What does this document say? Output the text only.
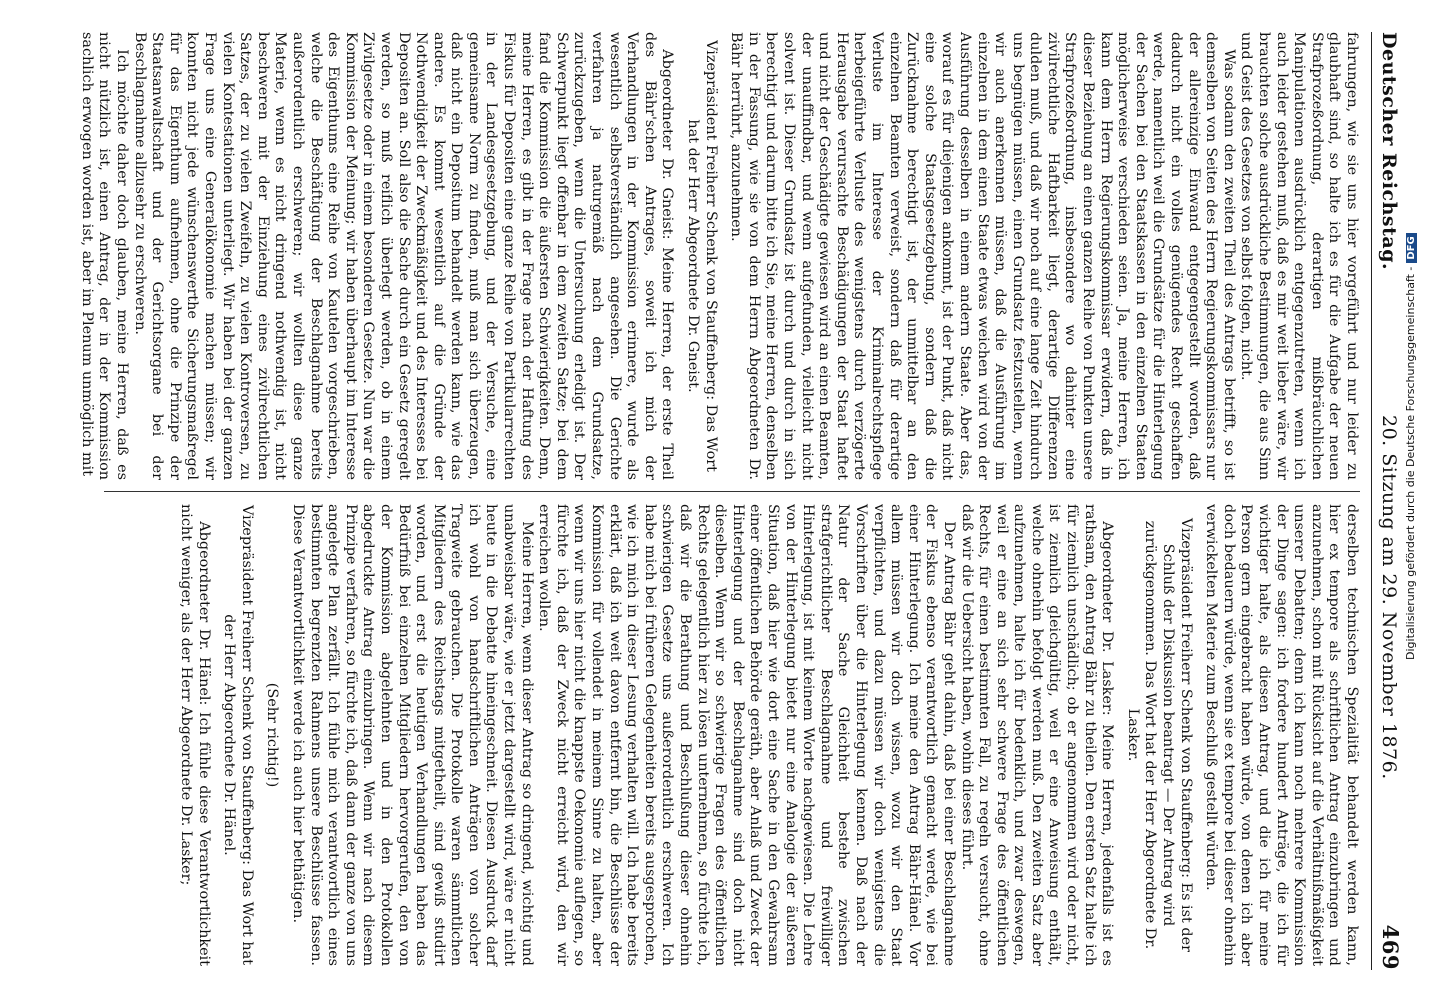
Deutscher Reichstag.
20. Sitzung am 29. November 1876.
469

fahrungen, wie sie uns hier vorgeführt und nur leider zu glaubhaft sind, so halte ich es für die Aufgabe der neuen Strafprozeßordnung, derartigen mißbräuchlichen Manipulationen ausdrücklich entgegenzutreten, wenn ich auch leider gestehen muß, daß es mir weit lieber wäre, wir brauchten solche ausdrückliche Bestimmungen, die aus Sinn und Geist des Gesetzes von selbst folgen, nicht.

Was sodann den zweiten Theil des Antrags betrifft, so ist demselben von Seiten des Herrn Regierungskommissars nur der allereinzige Einwand entgegengestellt worden, daß dadurch nicht ein volles genügendes Recht geschaffen werde, namentlich weil die Grundsätze für die Hinterlegung der Sachen bei den Staatskassen in den einzelnen Staaten möglicherweise verschieden seien. Ja, meine Herren, ich kann dem Herrn Regierungskommissar erwidern, daß in dieser Beziehung an einen ganzen Reihe von Punkten unsere Strafprozeßordnung, insbesondere wo dahinter eine zivilrechtliche Haftbarkeit liegt, derartige Differenzen dulden muß, und daß wir noch auf eine lange Zeit hindurch uns begnügen müssen, einen Grundsatz festzustellen, wenn wir auch anerkennen müssen, daß die Ausführung im einzelnen in dem einen Staate etwas weichen wird von der Ausführung desselben in einem andern Staate. Aber das, worauf es für diejenigen ankommt, ist der Punkt, daß nicht eine solche Staatsgesetzgebung, sondern daß die Zurücknahme berechtigt ist, der unmittelbar an den einzelnen Beamten verweist, sondern daß für derartige Verluste im Interesse der Kriminalrechtspflege herbeigeführte Verluste des wenigstens durch verzögerte Herausgabe verursachte Beschädigungen der Staat haftet und nicht der Geschädigte gewiesen wird an einen Beamten, der unauffindbar, und wenn aufgefunden, vielleicht nicht solvent ist. Dieser Grundsatz ist durch und durch in sich berechtigt und darum bitte ich Sie, meine Herren, denselben in der Fassung, wie sie von dem Herrn Abgeordneten Dr. Bähr herrührt, anzunehmen.

Vizepräsident Freiherr Schenk von Stauffenberg: Das Wort hat der Herr Abgeordnete Dr. Gneist.

Abgeordneter Dr. Gneist: Meine Herren, der erste Theil des Bähr'schen Antrages, soweit ich mich der Verhandlungen in der Kommission erinnere, wurde als wesentlich selbstverständlich angesehen. Die Gerichte verfahren ja naturgemäß nach dem Grundsatze, zurückzugeben, wenn die Untersuchung erledigt ist. Der Schwerpunkt liegt offenbar in dem zweiten Satze; bei dem fand die Kommission die äußersten Schwierigkeiten. Denn, meine Herren, es gibt in der Frage nach der Haftung des Fiskus für Depositen eine ganze Reihe von Partikularrechten in der Landesgesetzgebung, und der Versuche, eine gemeinsame Norm zu finden, muß man sich überzeugen, daß nicht ein Depositum behandelt werden kann, wie das andere. Es kommt wesentlich auf die Gründe der Nothwendigkeit der Zweckmäßigkeit und des Interesses bei Depositen an. Soll also die Sache durch ein Gesetz geregelt werden, so muß reiflich überlegt werden, ob in einem Zivilgesetze oder in einem besonderen Gesetze. Nun war die Kommission der Meinung; wir haben überhaupt im Interesse des Eigenthums eine Reihe von Kautelen vorgeschrieben, welche die Beschäftigung der Beschlagnahme bereits außerordentlich erschweren; wir wollten diese ganze Materie, wenn es nicht dringend nothwendig ist, nicht beschweren mit der Einziehung eines zivilrechtlichen Satzes, der zu vielen Zweifeln, zu vielen Kontroversen, zu vielen Kontestationen unterliegt. Wir haben bei der ganzen Frage uns eine Generalökonomie machen müssen; wir konnten nicht jede wünschenswerthe Sicherungsmaßregel für das Eigenthum aufnehmen, ohne die Prinzipe der Staatsanwaltschaft und der Gerichtsorgane bei der Beschlagnahme allzusehr zu erschweren.

Ich möchte daher doch glauben, meine Herren, daß es nicht nützlich ist, einen Antrag, der in der Kommission sachlich erwogen worden ist, aber im Plenum unmöglich mit

derselben technischen Spezialität behandelt werden kann, hier ex tempore als schriftlichen Antrag einzubringen und anzunehmen, schon mit Rücksicht auf die Verhältnißmäßigkeit unserer Debatten; denn ich kann noch mehrere Kommission der Dinge sagen: ich fordere hundert Anträge, die ich für wichtiger halte, als diesen Antrag, und die ich für meine Person gern eingebracht haben würde, von denen ich aber doch bedauern würde, wenn sie ex tempore bei dieser ohnehin verwickelten Materie zum Beschluß gestellt würden.

Vizepräsident Freiherr Schenk von Stauffenberg: Es ist der Schluß der Diskussion beantragt — Der Antrag wird zurückgenommen. Das Wort hat der Herr Abgeordnete Dr. Lasker.

Abgeordneter Dr. Lasker: Meine Herren, jedenfalls ist es rathsam, den Antrag Bähr zu theilen. Den ersten Satz halte ich für ziemlich unschädlich; ob er angenommen wird oder nicht, ist ziemlich gleichgültig, weil er eine Anweisung enthält, welche ohnehin befolgt werden muß. Den zweiten Satz aber aufzunehmen, halte ich für bedenklich, und zwar deswegen, weil er eine an sich sehr schwere Frage des öffentlichen Rechts, für einen bestimmten Fall, zu regeln versucht, ohne daß wir die Uebersicht haben, wohin dieses führt.

Der Antrag Bähr geht dahin, daß bei einer Beschlagnahme der Fiskus ebenso verantwortlich gemacht werde, wie bei einer Hinterlegung. Ich meine den Antrag Bähr-Hänel. Vor allem müssen wir doch wissen, wozu wir den Staat verpflichten, und dazu müssen wir doch wenigstens die Vorschriften über die Hinterlegung kennen. Daß nach der Natur der Sache Gleichheit bestehe zwischen strafgerichtlicher Beschlagnahme und freiwilliger Hinterlegung, ist mit keinem Worte nachgewiesen. Die Lehre von der Hinterlegung bietet nur eine Analogie der äußeren Situation, daß hier wie dort eine Sache in den Gewahrsam einer öffentlichen Behörde geräth, aber Anlaß und Zweck der Hinterlegung und der Beschlagnahme sind doch nicht dieselben. Wenn wir so schwierige Fragen des öffentlichen Rechts gelegentlich hier zu lösen unternehmen, so fürchte ich, daß wir die Berathung und Beschlußung dieser ohnehin schwierigen Gesetze uns außerordentlich erschweren. Ich habe mich bei früheren Gelegenheiten bereits ausgesprochen, wie ich mich in dieser Lesung verhalten will. Ich habe bereits erklärt, daß ich weit davon entfernt bin, die Beschlüsse der Kommission für vollendet in meinem Sinne zu halten, aber wenn wir uns hier nicht die knappste Oekonomie auflegen, so fürchte ich, daß der Zweck nicht erreicht wird, den wir erreichen wollen.

Meine Herren, wenn dieser Antrag so dringend, wichtig und unabweisbar wäre, wie er jetzt dargestellt wird, wäre er nicht heute in die Debatte hineingeschneit. Diesen Ausdruck darf ich wohl von handschriftlichen Anträgen von solcher Tragweite gebrauchen. Die Protokolle waren sämmtlichen Mitgliedern des Reichstags mitgetheilt, sind gewiß studirt worden, und erst die heutigen Verhandlungen haben das Bedürfniß bei einzelnen Mitgliedern hervorgerufen, den von der Kommission abgelehnten und in den Protokollen abgedruckte Antrag einzubringen. Wenn wir nach diesem Prinzipe verfahren, so fürchte ich, daß dann der ganze von uns angelegte Plan zerfällt. Ich fühle mich verantwortlich eines bestimmten begrenzten Rahmens unsere Beschlüsse fassen. Diese Verantwortlichkeit werde ich auch hier bethätigen.

(Sehr richtig!)

Vizepräsident Freiherr Schenk von Stauffenberg: Das Wort hat der Herr Abgeordnete Dr. Hänel.

Abgeordneter Dr. Hänel: Ich fühle diese Verantwortlichkeit nicht weniger, als der Herr Abgeordnete Dr. Lasker;

Digitalisierung gefördert durch die Deutsche Forschungsgemeinschaft -DFG
